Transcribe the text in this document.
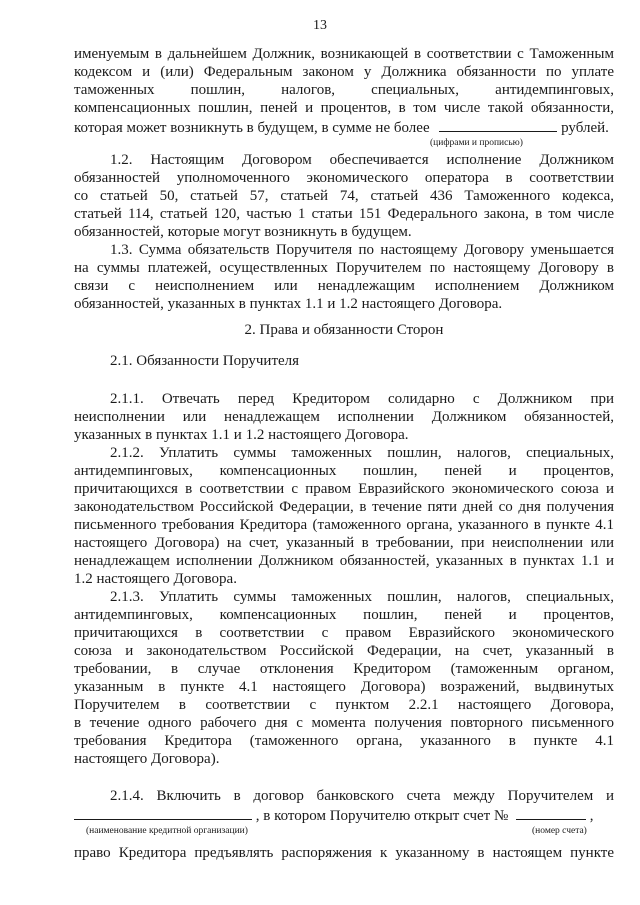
13
именуемым в дальнейшем Должник, возникающей в соответствии с Таможенным
кодексом и (или) Федеральным законом у Должника обязанности по уплате
таможенных пошлин, налогов, специальных, антидемпинговых,
компенсационных пошлин, пеней и процентов, в том числе такой обязанности,
которая может возникнуть в будущем, в сумме не более	рублей.
(цифрами и прописью)
1.2. Настоящим Договором обеспечивается исполнение Должником
обязанностей уполномоченного экономического оператора в соответствии
со статьей 50, статьей 57, статьей 74, статьей 436 Таможенного кодекса,
статьей 114, статьей 120, частью 1 статьи 151 Федерального закона, в том числе
обязанностей, которые могут возникнуть в будущем.
1.3. Сумма обязательств Поручителя по настоящему Договору уменьшается
на суммы платежей, осуществленных Поручителем по настоящему Договору в
связи с неисполнением или ненадлежащим исполнением Должником
обязанностей, указанных в пунктах 1.1 и 1.2 настоящего Договора.
2. Права и обязанности Сторон
2.1. Обязанности Поручителя
2.1.1. Отвечать перед Кредитором солидарно с Должником при
неисполнении или ненадлежащем исполнении Должником обязанностей,
указанных в пунктах 1.1 и 1.2 настоящего Договора.
2.1.2. Уплатить суммы таможенных пошлин, налогов, специальных,
антидемпинговых, компенсационных пошлин, пеней и процентов,
причитающихся в соответствии с правом Евразийского экономического союза и
законодательством Российской Федерации, в течение пяти дней со дня получения
письменного требования Кредитора (таможенного органа, указанного в пункте 4.1
настоящего Договора) на счет, указанный в требовании, при неисполнении или
ненадлежащем исполнении Должником обязанностей, указанных в пунктах 1.1 и
1.2 настоящего Договора.
2.1.3. Уплатить суммы таможенных пошлин, налогов, специальных,
антидемпинговых, компенсационных пошлин, пеней и процентов,
причитающихся в соответствии с правом Евразийского экономического
союза и законодательством Российской Федерации, на счет, указанный в
требовании, в случае отклонения Кредитором (таможенным органом,
указанным в пункте 4.1 настоящего Договора) возражений, выдвинутых
Поручителем в соответствии с пунктом 2.2.1 настоящего Договора,
в течение одного рабочего дня с момента получения повторного письменного
требования Кредитора (таможенного органа, указанного в пункте 4.1
настоящего Договора).
2.1.4. Включить в договор банковского счета между Поручителем и
, в котором Поручителю открыт счет №	,
(наименование кредитной организации)	(номер счета)
право Кредитора предъявлять распоряжения к указанному в настоящем пункте
